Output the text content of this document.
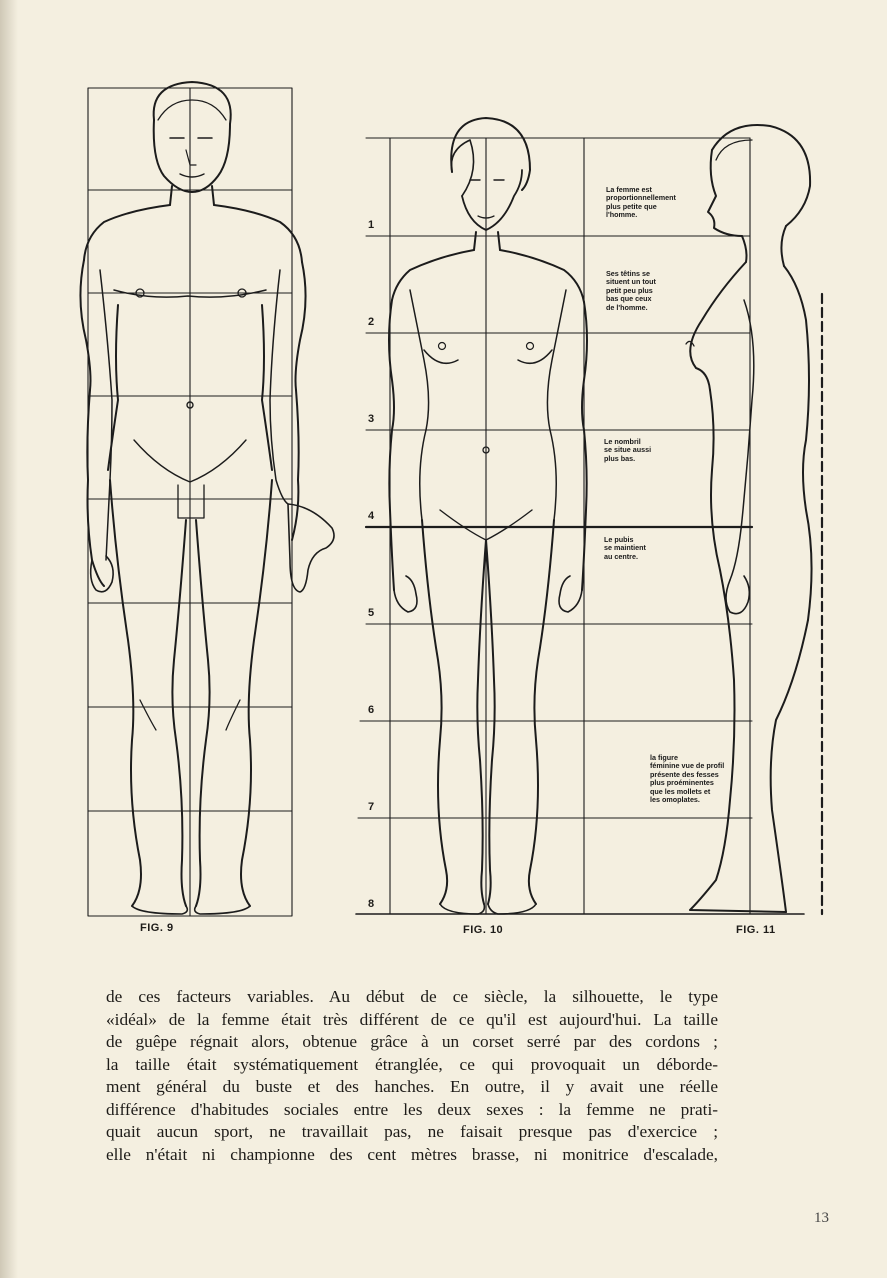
1
2
3
4
5
6
7
8
La femme est
proportionnellement
plus petite que
l'homme.
Ses têtins se
situent un tout
petit peu plus
bas que ceux
de l'homme.
Le nombril
se situe aussi
plus bas.
Le pubis
se maintient
au centre.
la figure
féminine vue de profil
présente des fesses
plus proéminentes
que les mollets et
les omoplates.
FIG. 9	FIG. 10	FIG. 11

de ces facteurs variables. Au début de ce siècle, la silhouette, le type

«idéal» de la femme était très différent de ce qu'il est aujourd'hui. La taille

de guêpe régnait alors, obtenue grâce à un corset serré par des cordons ;

la taille était systématiquement étranglée, ce qui provoquait un déborde-

ment général du buste et des hanches. En outre, il y avait une réelle

différence d'habitudes sociales entre les deux sexes : la femme ne prati-

quait aucun sport, ne travaillait pas, ne faisait presque pas d'exercice ;

elle n'était ni championne des cent mètres brasse, ni monitrice d'escalade,

13
